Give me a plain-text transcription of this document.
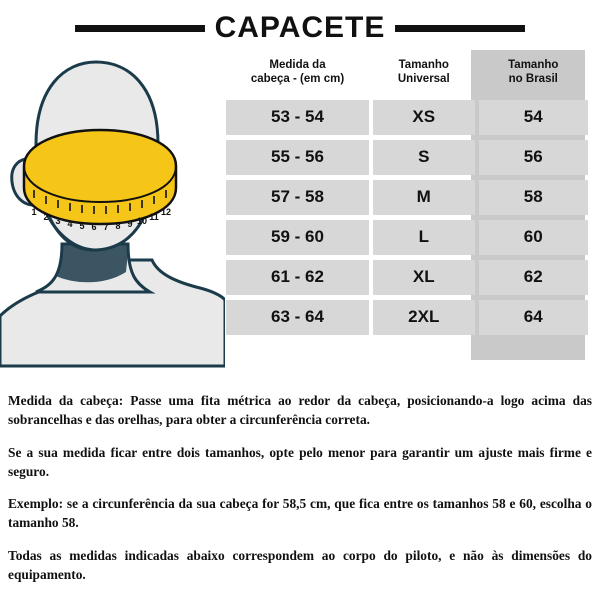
CAPACETE
1 2 3 4 5 6 7 8 9 10 11 12
Medida da
cabeça - (em cm)

Tamanho
Universal

Tamanho
no Brasil

53 - 54	XS	54
55 - 56	S	56
57 - 58	M	58
59 - 60	L	60
61 - 62	XL	62
63 - 64	2XL	64

Medida da cabeça: Passe uma fita métrica ao redor da cabeça, posicionando-a logo acima das sobrancelhas e das orelhas, para obter a circunferência correta.

Se a sua medida ficar entre dois tamanhos, opte pelo menor para garantir um ajuste mais firme e seguro.

Exemplo: se a circunferência da sua cabeça for 58,5 cm, que fica entre os tamanhos 58 e 60, escolha o tamanho 58.

Todas as medidas indicadas abaixo correspondem ao corpo do piloto, e não às dimensões do equipamento.
